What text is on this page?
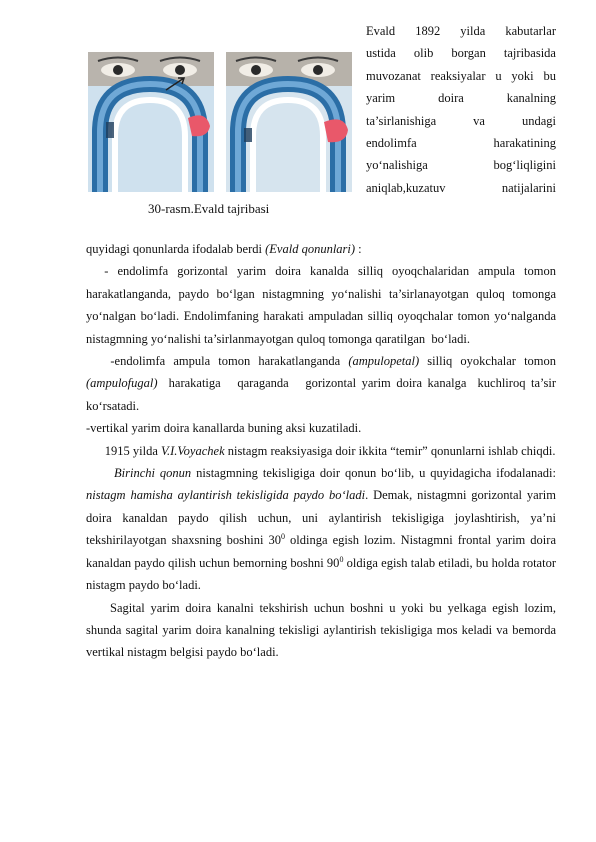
30-rasm.Evald tajribasi
Evald 1892 yilda kabutarlar
ustida olib borgan tajribasida
muvozanat reaksiyalar u yoki bu
yarim	doira	kanalning
ta’sirlanishiga	va	undagi
endolimfa	harakatining
yo‘nalishiga	bog‘liqligini
aniqlab,kuzatuv	natijalarini

quyidagi qonunlarda ifodalab berdi (Evald qonunlari) :

- endolimfa gorizontal yarim doira kanalda silliq oyoqchalaridan ampula tomon harakatlanganda, paydo bo‘lgan nistagmning yo‘nalishi ta’sirlanayotgan quloq tomonga yo‘nalgan bo‘ladi. Endolimfaning harakati ampuladan silliq oyoqchalar tomon yo‘nalganda nistagmning yo‘nalishi ta’sirlanmayotgan quloq tomonga qaratilgan  bo‘ladi.

-endolimfa ampula tomon harakatlanganda (ampulopetal) silliq oyokchalar tomon (ampulofugal)  harakatiga   qaraganda   gorizontal yarim doira kanalga  kuchliroq ta’sir  ko‘rsatadi.

-vertikal yarim doira kanallarda buning aksi kuzatiladi.

1915 yilda V.I.Voyachek nistagm reaksiyasiga doir ikkita “temir” qonunlarni ishlab chiqdi.

Birinchi qonun nistagmning tekisligiga doir qonun bo‘lib, u quyidagicha ifodalanadi: nistagm hamisha aylantirish tekisligida paydo bo‘ladi. Demak, nistagmni gorizontal yarim doira kanaldan paydo qilish uchun, uni aylantirish tekisligiga joylashtirish, ya’ni tekshirilayotgan shaxsning boshini $30^0$ oldinga egish lozim. Nistagmni frontal yarim doira kanaldan paydo qilish uchun bemorning boshni $90^0$ oldiga egish talab etiladi, bu holda rotator nistagm paydo bo‘ladi.

Sagital yarim doira kanalni tekshirish uchun boshni u yoki bu yelkaga egish lozim, shunda sagital yarim doira kanalning tekisligi aylantirish tekisligiga mos keladi va bemorda vertikal nistagm belgisi paydo bo‘ladi.
